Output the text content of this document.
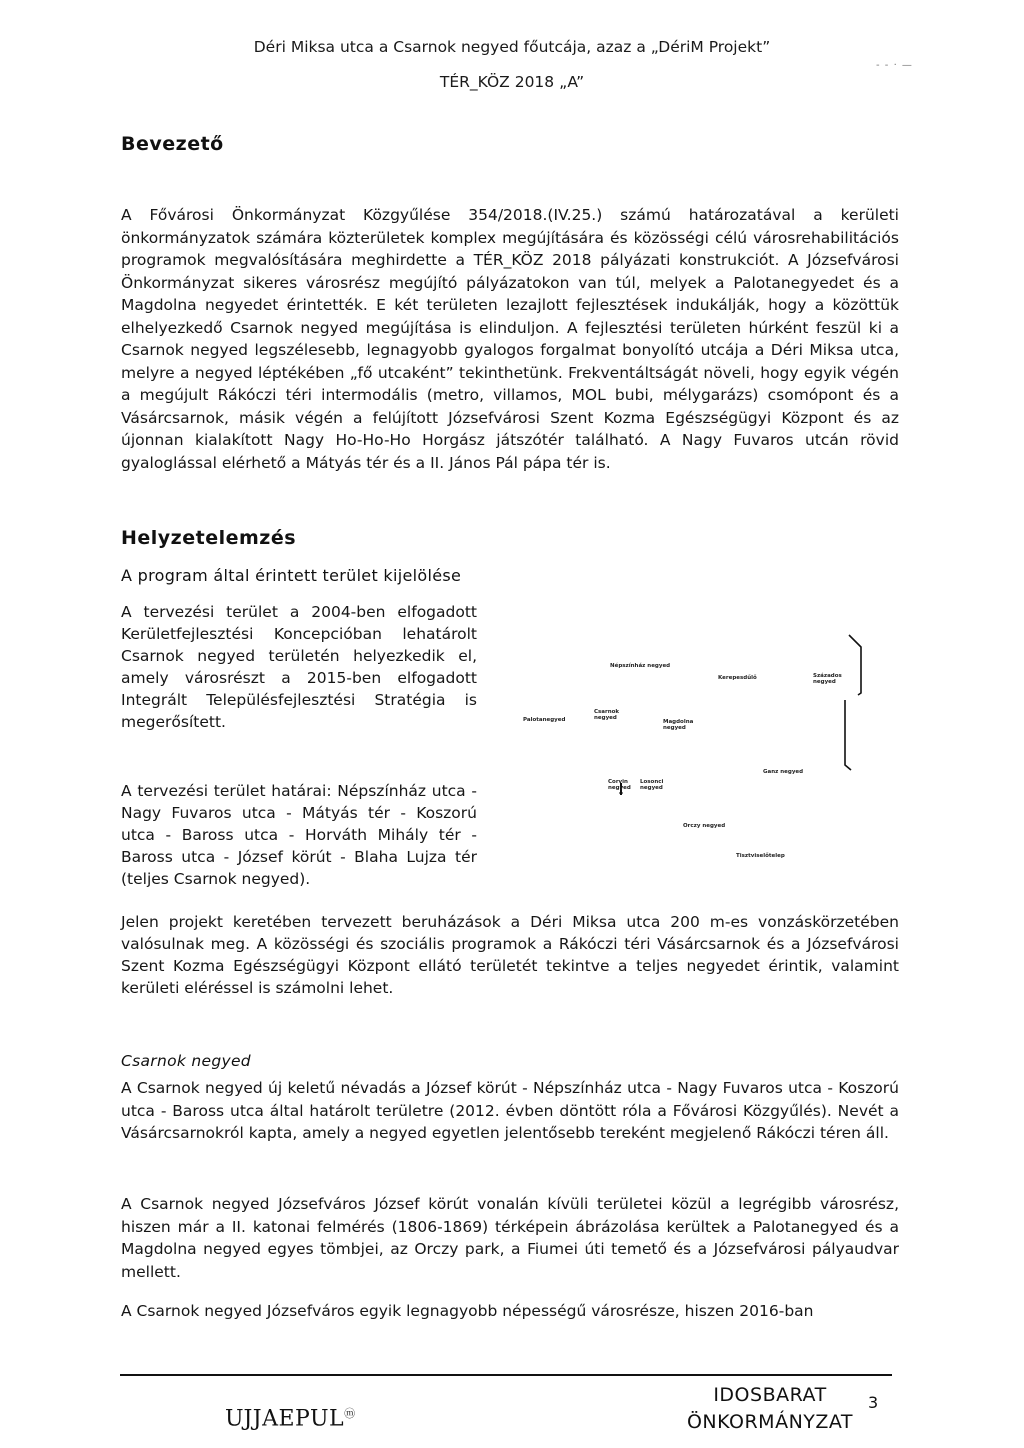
Déri Miksa utca a Csarnok negyed főutcája, azaz a „DériM Projekt”
TÉR_KÖZ 2018 „A”
- - · —
Bevezető

A Fővárosi Önkormányzat Közgyűlése 354/2018.(IV.25.) számú határozatával a kerületi önkormányzatok számára közterületek komplex megújítására és közösségi célú városrehabilitációs programok megvalósítására meghirdette a TÉR_KÖZ 2018 pályázati konstrukciót. A Józsefvárosi Önkormányzat sikeres városrész megújító pályázatokon van túl, melyek a Palotanegyedet és a Magdolna negyedet érintették. E két területen lezajlott fejlesztések indukálják, hogy a közöttük elhelyezkedő Csarnok negyed megújítása is elinduljon. A fejlesztési területen húrként feszül ki a Csarnok negyed legszélesebb, legnagyobb gyalogos forgalmat bonyolító utcája a Déri Miksa utca, melyre a negyed léptékében „fő utcaként” tekinthetünk. Frekventáltságát növeli, hogy egyik végén a megújult Rákóczi téri intermodális (metro, villamos, MOL bubi, mélygarázs) csomópont és a Vásárcsarnok, másik végén a felújított Józsefvárosi Szent Kozma Egészségügyi Központ és az újonnan kialakított Nagy Ho-Ho-Ho Horgász játszótér található. A Nagy Fuvaros utcán rövid gyaloglással elérhető a Mátyás tér és a II. János Pál pápa tér is.

Helyzetelemzés

A program által érintett terület kijelölése

A tervezési terület a 2004-ben elfogadott Kerületfejlesztési Koncepcióban lehatárolt Csarnok negyed területén helyezkedik el, amely városrészt a 2015-ben elfogadott Integrált Településfejlesztési Stratégia is megerősített.

A tervezési terület határai: Népszínház utca - Nagy Fuvaros utca - Mátyás tér - Koszorú utca - Baross utca - Horváth Mihály tér - Baross utca - József körút - Blaha Lujza tér (teljes Csarnok negyed).

Népszínház negyed
Kerepesdűlő	Százados negyed
Palotanegyed
Csarnok negyed
Magdolna negyed
Corvin negyed
Losonci negyed
Ganz negyed
Orczy negyed
Tisztviselőtelep

Jelen projekt keretében tervezett beruházások a Déri Miksa utca 200 m-es vonzáskörzetében valósulnak meg. A közösségi és szociális programok a Rákóczi téri Vásárcsarnok és a Józsefvárosi Szent Kozma Egészségügyi Központ ellátó területét tekintve a teljes negyedet érintik, valamint kerületi eléréssel is számolni lehet.

Csarnok negyed

A Csarnok negyed új keletű névadás a József körút - Népszínház utca - Nagy Fuvaros utca - Koszorú utca - Baross utca által határolt területre (2012. évben döntött róla a Fővárosi Közgyűlés). Nevét a Vásárcsarnokról kapta, amely a negyed egyetlen jelentősebb tereként megjelenő Rákóczi téren áll.

A Csarnok negyed Józsefváros József körút vonalán kívüli területei közül a legrégibb városrész, hiszen már a II. katonai felmérés (1806-1869) térképein ábrázolása kerültek a Palotanegyed és a Magdolna negyed egyes tömbjei, az Orczy park, a Fiumei úti temető és a Józsefvárosi pályaudvar mellett.

A Csarnok negyed Józsefváros egyik legnagyobb népességű városrésze, hiszen 2016-ban

3
UJJAEPULⓜ
IDOSBARAT
ÖNKORMÁNYZAT
